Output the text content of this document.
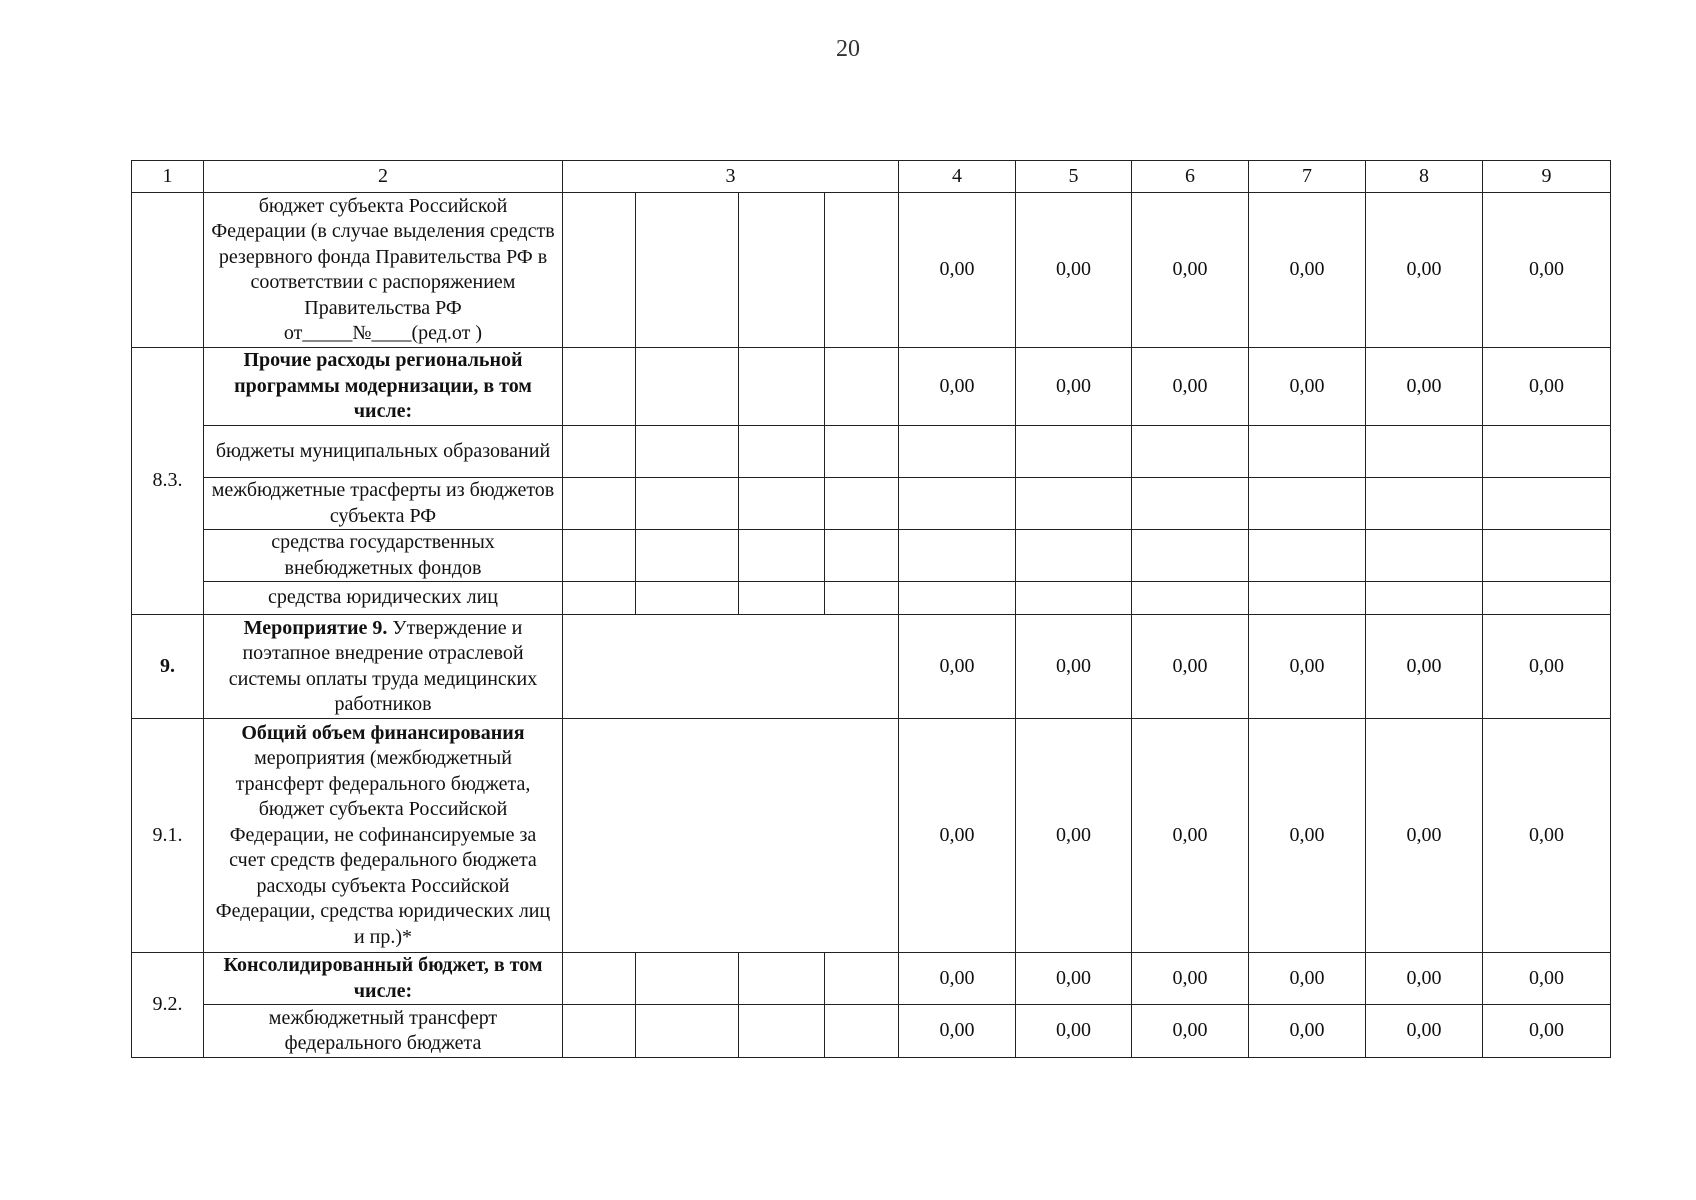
20
1	2	3				4	5	6	7	8	9
	бюджет субъекта Российской Федерации (в случае выделения средств резервного фонда Правительства РФ в соответствии с распоряжением Правительства РФ от_____№____(ред.от )					0,00	0,00	0,00	0,00	0,00	0,00
8.3.	Прочие расходы региональной программы модернизации, в том числе:					0,00	0,00	0,00	0,00	0,00	0,00
	бюджеты муниципальных образований										
	межбюджетные трасферты из бюджетов субъекта РФ										
	средства государственных внебюджетных фондов										
	средства юридических лиц										
9.	Мероприятие 9. Утверждение и поэтапное внедрение отраслевой системы оплаты труда медицинских работников					0,00	0,00	0,00	0,00	0,00	0,00
9.1.	Общий объем финансирования мероприятия (межбюджетный трансферт федерального бюджета, бюджет субъекта Российской Федерации, не софинансируемые за счет средств федерального бюджета расходы субъекта Российской Федерации, средства юридических лиц и пр.)*					0,00	0,00	0,00	0,00	0,00	0,00
9.2.	Консолидированный бюджет, в том числе:					0,00	0,00	0,00	0,00	0,00	0,00
	межбюджетный трансферт федерального бюджета					0,00	0,00	0,00	0,00	0,00	0,00
